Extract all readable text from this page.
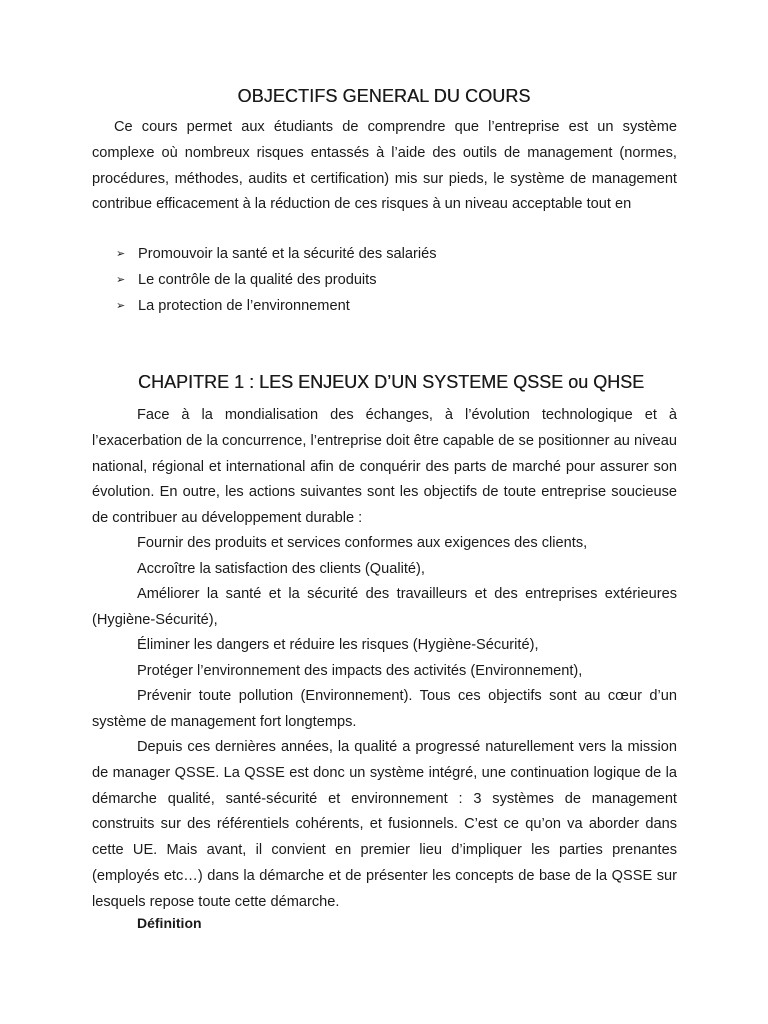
OBJECTIFS GENERAL DU COURS

Ce cours permet aux étudiants de comprendre que l’entreprise est un système complexe où nombreux risques entassés à l’aide des outils de management (normes, procédures, méthodes, audits et certification) mis sur pieds, le système de management contribue efficacement à la réduction de ces risques à un niveau acceptable tout en

➢ Promouvoir la santé et la sécurité des salariés
➢ Le contrôle de la qualité des produits
➢ La protection de l’environnement
CHAPITRE 1 : LES ENJEUX D’UN SYSTEME QSSE ou QHSE

Face à la mondialisation des échanges, à l’évolution technologique et à l’exacerbation de la concurrence, l’entreprise doit être capable de se positionner au niveau national, régional et international afin de conquérir des parts de marché pour assurer son évolution. En outre, les actions suivantes sont les objectifs de toute entreprise soucieuse de contribuer au développement durable :

Fournir des produits et services conformes aux exigences des clients,

Accroître la satisfaction des clients (Qualité),

Améliorer la santé et la sécurité des travailleurs et des entreprises extérieures (Hygiène-Sécurité),

Éliminer les dangers et réduire les risques (Hygiène-Sécurité),

Protéger l’environnement des impacts des activités (Environnement),

Prévenir toute pollution (Environnement). Tous ces objectifs sont au cœur d’un système de management fort longtemps.

Depuis ces dernières années, la qualité a progressé naturellement vers la mission de manager QSSE. La QSSE est donc un système intégré, une continuation logique de la démarche qualité, santé-sécurité et environnement : 3 systèmes de management construits sur des référentiels cohérents, et fusionnels. C’est ce qu’on va aborder dans cette UE. Mais avant, il convient en premier lieu d’impliquer les parties prenantes (employés etc…) dans la démarche et de présenter les concepts de base de la QSSE sur lesquels repose toute cette démarche.

Définition
